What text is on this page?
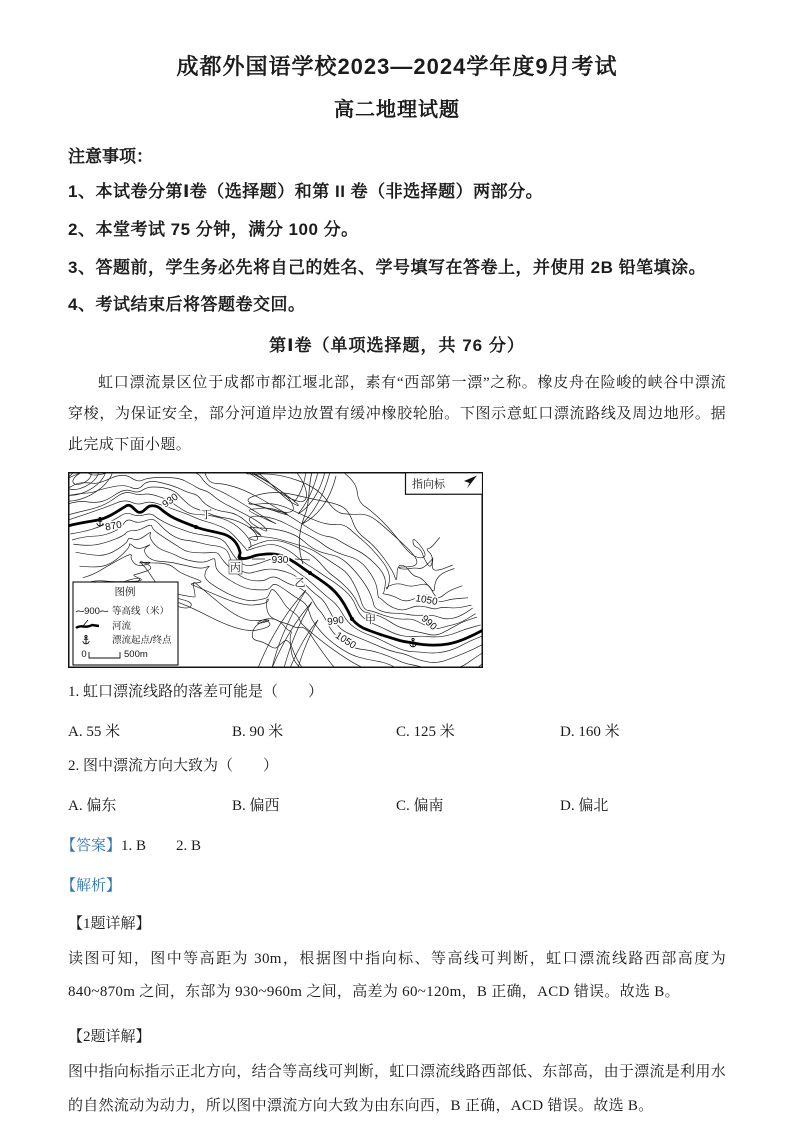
成都外国语学校2023—2024学年度9月考试
高二地理试题

注意事项：

1、本试卷分第Ⅰ卷（选择题）和第 II 卷（非选择题）两部分。

2、本堂考试 75 分钟，满分 100 分。

3、答题前，学生务必先将自己的姓名、学号填写在答卷上，并使用 2B 铅笔填涂。

4、考试结束后将答题卷交回。

第Ⅰ卷（单项选择题，共 76 分）

虹口漂流景区位于成都市都江堰北部，素有“西部第一漂”之称。橡皮舟在险峻的峡谷中漂流穿梭，为保证安全，部分河道岸边放置有缓冲橡胶轮胎。下图示意虹口漂流路线及周边地形。据此完成下面小题。

930
870
930
1050
990	990
1050
丁
丙
乙
甲
指向标
图例
900 等高线（米）
河流
漂流起点/终点
0	500m

1. 虹口漂流线路的落差可能是（　　）

A. 55 米	B. 90 米	C. 125 米	D. 160 米

2. 图中漂流方向大致为（　　）

A. 偏东	B. 偏西	C. 偏南	D. 偏北

【答案】1. B　　2. B

【解析】

【1题详解】

读图可知，图中等高距为 30m，根据图中指向标、等高线可判断，虹口漂流线路西部高度为 840~870m 之间，东部为 930~960m 之间，高差为 60~120m，B 正确，ACD 错误。故选 B。

【2题详解】

图中指向标指示正北方向，结合等高线可判断，虹口漂流线路西部低、东部高，由于漂流是利用水的自然流动为动力，所以图中漂流方向大致为由东向西，B 正确，ACD 错误。故选 B。
